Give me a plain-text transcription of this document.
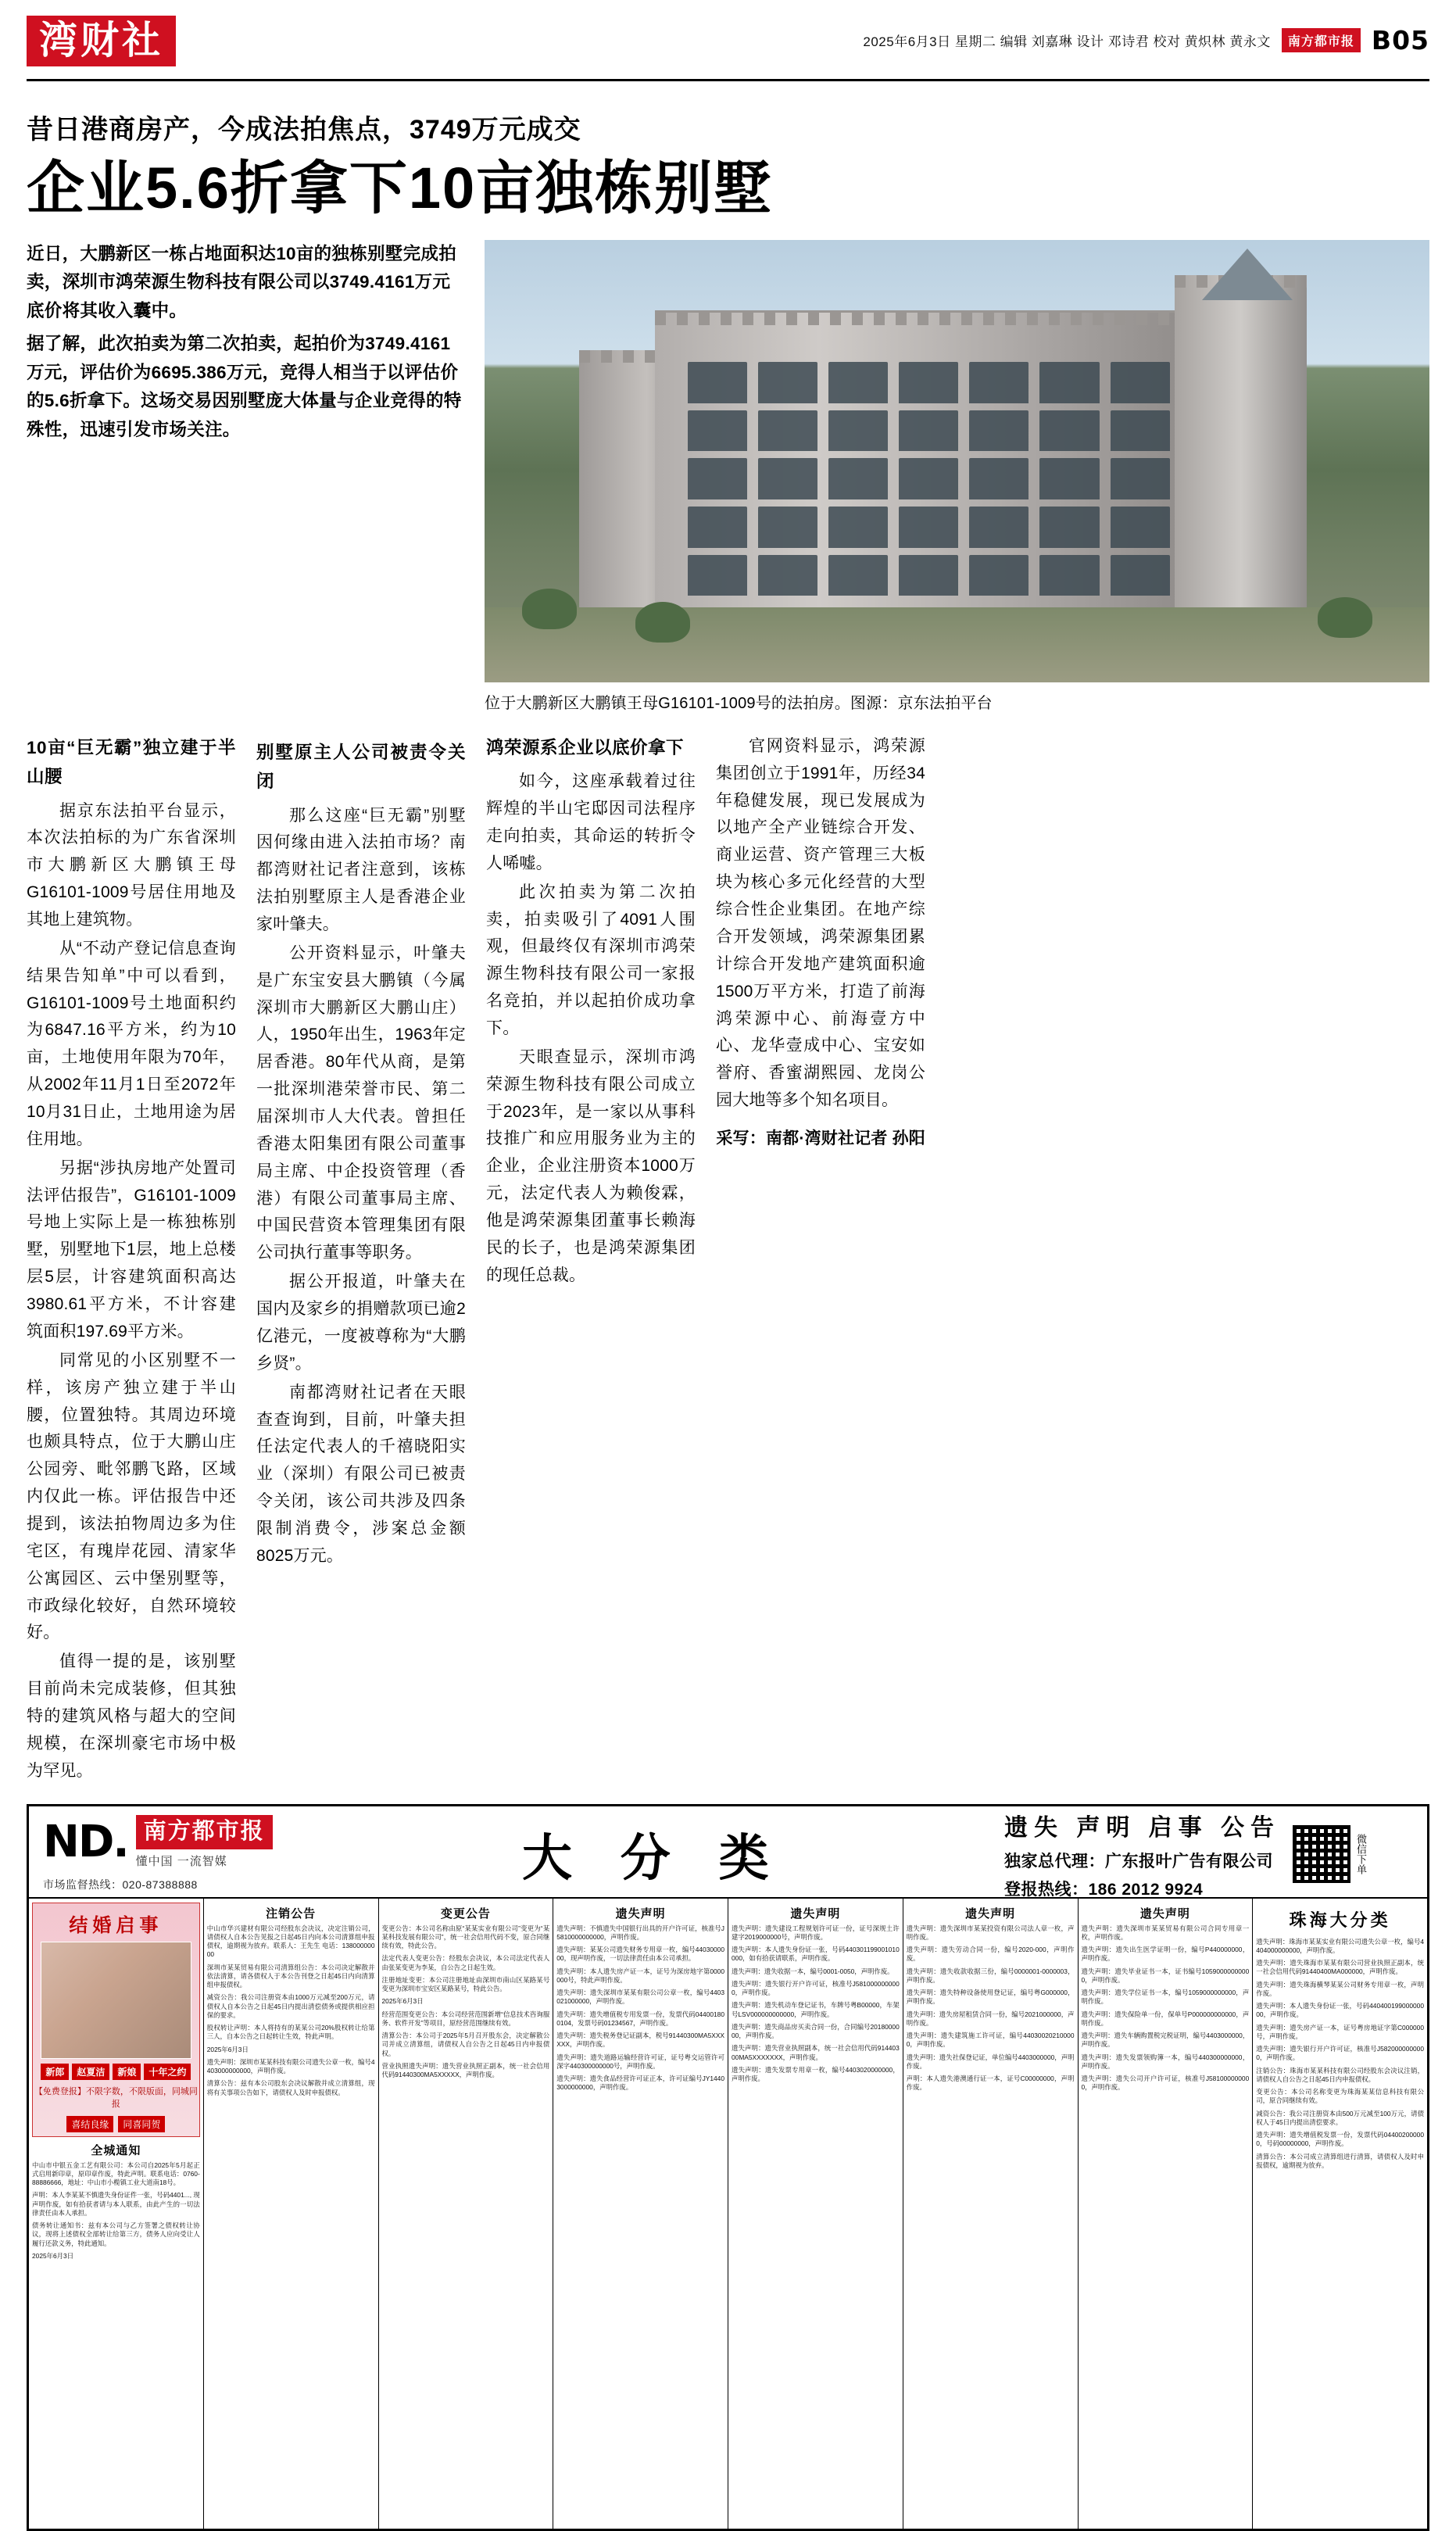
湾财社	2025年6月3日 星期二 编辑 刘嘉琳 设计 邓诗君 校对 黄炽林 黄永文	南方都市报 B05
昔日港商房产，今成法拍焦点，3749万元成交
企业5.6折拿下10亩独栋别墅

近日，大鹏新区一栋占地面积达10亩的独栋别墅完成拍卖，深圳市鸿荣源生物科技有限公司以3749.4161万元底价将其收入囊中。

据了解，此次拍卖为第二次拍卖，起拍价为3749.4161万元，评估价为6695.386万元，竞得人相当于以评估价的5.6折拿下。这场交易因别墅庞大体量与企业竞得的特殊性，迅速引发市场关注。

位于大鹏新区大鹏镇王母G16101-1009号的法拍房。图源：京东法拍平台
10亩“巨无霸”独立建于半山腰

据京东法拍平台显示，本次法拍标的为广东省深圳市大鹏新区大鹏镇王母G16101-1009号居住用地及其地上建筑物。

从“不动产登记信息查询结果告知单”中可以看到，G16101-1009号土地面积约为6847.16平方米，约为10亩，土地使用年限为70年，从2002年11月1日至2072年10月31日止，土地用途为居住用地。

另据“涉执房地产处置司法评估报告”，G16101-1009号地上实际上是一栋独栋别墅，别墅地下1层，地上总楼层5层，计容建筑面积高达3980.61平方米，不计容建筑面积197.69平方米。

同常见的小区别墅不一样，该房产独立建于半山腰，位置独特。其周边环境也颇具特点，位于大鹏山庄公园旁、毗邻鹏飞路，区域内仅此一栋。评估报告中还提到，该法拍物周边多为住宅区，有瑰岸花园、清家华公寓园区、云中堡别墅等，市政绿化较好，自然环境较好。

值得一提的是，该别墅目前尚未完成装修，但其独特的建筑风格与超大的空间规模，在深圳豪宅市场中极为罕见。

别墅原主人公司被责令关闭

那么这座“巨无霸”别墅因何缘由进入法拍市场？南都湾财社记者注意到，该栋法拍别墅原主人是香港企业家叶肇夫。

公开资料显示，叶肇夫是广东宝安县大鹏镇（今属深圳市大鹏新区大鹏山庄）人，1950年出生，1963年定居香港。80年代从商，是第一批深圳港荣誉市民、第二届深圳市人大代表。曾担任香港太阳集团有限公司董事局主席、中企投资管理（香港）有限公司董事局主席、中国民营资本管理集团有限公司执行董事等职务。

据公开报道，叶肇夫在国内及家乡的捐赠款项已逾2亿港元，一度被尊称为“大鹏乡贤”。

南都湾财社记者在天眼查查询到，目前，叶肇夫担任法定代表人的千禧晓阳实业（深圳）有限公司已被责令关闭，该公司共涉及四条限制消费令，涉案总金额8025万元。

鸿荣源系企业以底价拿下

如今，这座承载着过往辉煌的半山宅邸因司法程序走向拍卖，其命运的转折令人唏嘘。

此次拍卖为第二次拍卖，拍卖吸引了4091人围观，但最终仅有深圳市鸿荣源生物科技有限公司一家报名竞拍，并以起拍价成功拿下。

天眼查显示，深圳市鸿荣源生物科技有限公司成立于2023年，是一家以从事科技推广和应用服务业为主的企业，企业注册资本1000万元，法定代表人为赖俊霖，他是鸿荣源集团董事长赖海民的长子，也是鸿荣源集团的现任总裁。

官网资料显示，鸿荣源集团创立于1991年，历经34年稳健发展，现已发展成为以地产全产业链综合开发、商业运营、资产管理三大板块为核心多元化经营的大型综合性企业集团。在地产综合开发领域，鸿荣源集团累计综合开发地产建筑面积逾1500万平方米，打造了前海鸿荣源中心、前海壹方中心、龙华壹成中心、宝安如誉府、香蜜湖熙园、龙岗公园大地等多个知名项目。

采写：南都·湾财社记者 孙阳
ND. 南方都市报
懂中国 一流智媒
市场监督热线：020-87388888	大 分 类
遗失 声明 启事 公告
独家总代理：广东报叶广告有限公司
登报热线：186 2012 9924
微信下单
结婚启事
新郎	赵夏洁	新娘	十年之约
【免费登报】不限字数，不限版面，同城同报
喜结良缘	同喜同贺
全城通知
中山市中银五金工艺有限公司：本公司自2025年5月起正式启用新印章，原印章作废，特此声明。联系电话：0760-88886666，地址：中山市小榄镇工业大道南18号。
声明：本人李某某不慎遗失身份证件一张，号码4401..., 现声明作废，如有拾获者请与本人联系，由此产生的一切法律责任由本人承担。
债务转让通知书：兹有本公司与乙方签署之债权转让协议，现将上述债权全部转让给第三方，债务人应向受让人履行还款义务，特此通知。
2025年6月3日
注销公告
中山市华兴建材有限公司经股东会决议，决定注销公司，请债权人自本公告见报之日起45日内向本公司清算组申报债权，逾期视为放弃。联系人：王先生 电话：13800000000
深圳市某某贸易有限公司清算组公告：本公司决定解散并依法清算，请各债权人于本公告刊登之日起45日内向清算组申报债权。
减资公告：我公司注册资本由1000万元减至200万元，请债权人自本公告之日起45日内提出清偿债务或提供相应担保的要求。
股权转让声明：本人将持有的某某公司20%股权转让给第三人，自本公告之日起转让生效，特此声明。
2025年6月3日
遗失声明：深圳市某某科技有限公司遗失公章一枚，编号4403000000000，声明作废。
清算公告：兹有本公司股东会决议解散并成立清算组，现将有关事项公告如下，请债权人及时申报债权。
变更公告
变更公告：本公司名称由原“某某实业有限公司”变更为“某某科技发展有限公司”，统一社会信用代码不变，原合同继续有效，特此公告。
法定代表人变更公告：经股东会决议，本公司法定代表人由张某变更为李某，自公告之日起生效。
注册地址变更：本公司注册地址由深圳市南山区某路某号变更为深圳市宝安区某路某号，特此公告。
2025年6月3日
经营范围变更公告：本公司经营范围新增“信息技术咨询服务、软件开发”等项目，原经营范围继续有效。
清算公告：本公司于2025年5月召开股东会，决定解散公司并成立清算组，请债权人自公告之日起45日内申报债权。
营业执照遗失声明：遗失营业执照正副本，统一社会信用代码91440300MA5XXXXX，声明作废。
遗失声明
遗失声明：不慎遗失中国银行出具的开户许可证，核准号J5810000000000，声明作废。
遗失声明：某某公司遗失财务专用章一枚，编号4403000000，现声明作废，一切法律责任由本公司承担。
遗失声明：本人遗失房产证一本，证号为深房地字第0000000号，特此声明作废。
遗失声明：遗失深圳市某某有限公司公章一枚，编号4403021000000，声明作废。
遗失声明：遗失增值税专用发票一份，发票代码044001800104，发票号码01234567，声明作废。
遗失声明：遗失税务登记证副本，税号91440300MA5XXXXXX，声明作废。
遗失声明：遗失道路运输经营许可证，证号粤交运管许可深字440300000000号，声明作废。
遗失声明：遗失食品经营许可证正本，许可证编号JY14403000000000，声明作废。
遗失声明
遗失声明：遗失建设工程规划许可证一份，证号深规土许建字2019000000号，声明作废。
遗失声明：本人遗失身份证一张，号码440301199001010000，如有拾获请联系，声明作废。
遗失声明：遗失收据一本，编号0001-0050，声明作废。
遗失声明：遗失银行开户许可证，核准号J5810000000000，声明作废。
遗失声明：遗失机动车登记证书，车牌号粤B00000，车架号LSV000000000000，声明作废。
遗失声明：遗失商品房买卖合同一份，合同编号2018000000，声明作废。
遗失声明：遗失营业执照副本，统一社会信用代码91440300MA5XXXXXXX，声明作废。
遗失声明：遗失发票专用章一枚，编号4403020000000，声明作废。
遗失声明
遗失声明：遗失深圳市某某投资有限公司法人章一枚，声明作废。
遗失声明：遗失劳动合同一份，编号2020-000，声明作废。
遗失声明：遗失收款收据三份，编号0000001-0000003，声明作废。
遗失声明：遗失特种设备使用登记证，编号粤G000000，声明作废。
遗失声明：遗失房屋租赁合同一份，编号2021000000，声明作废。
遗失声明：遗失建筑施工许可证，编号440300202100000，声明作废。
遗失声明：遗失社保登记证，单位编号4403000000，声明作废。
声明：本人遗失港澳通行证一本，证号C00000000，声明作废。
遗失声明
遗失声明：遗失深圳市某某贸易有限公司合同专用章一枚，声明作废。
遗失声明：遗失出生医学证明一份，编号P440000000，声明作废。
遗失声明：遗失毕业证书一本，证书编号10590000000000，声明作废。
遗失声明：遗失学位证书一本，编号1059000000000，声明作废。
遗失声明：遗失保险单一份，保单号P000000000000，声明作废。
遗失声明：遗失车辆购置税完税证明，编号4403000000，声明作废。
遗失声明：遗失发票领购簿一本，编号440300000000，声明作废。
遗失声明：遗失公司开户许可证，核准号J581000000000，声明作废。
珠海大分类
遗失声明：珠海市某某实业有限公司遗失公章一枚，编号4404000000000，声明作废。
遗失声明：遗失珠海市某某有限公司营业执照正副本，统一社会信用代码91440400MA000000，声明作废。
遗失声明：遗失珠海横琴某某公司财务专用章一枚，声明作废。
遗失声明：本人遗失身份证一张，号码44040019900000000，声明作废。
遗失声明：遗失房产证一本，证号粤房地证字第C000000号，声明作废。
遗失声明：遗失银行开户许可证，核准号J5820000000000，声明作废。
注销公告：珠海市某某科技有限公司经股东会决议注销，请债权人自公告之日起45日内申报债权。
变更公告：本公司名称变更为珠海某某信息科技有限公司，原合同继续有效。
减资公告：我公司注册资本由500万元减至100万元，请债权人于45日内提出清偿要求。
遗失声明：遗失增值税发票一份，发票代码044002000000，号码00000000，声明作废。
清算公告：本公司成立清算组进行清算，请债权人及时申报债权，逾期视为放弃。
